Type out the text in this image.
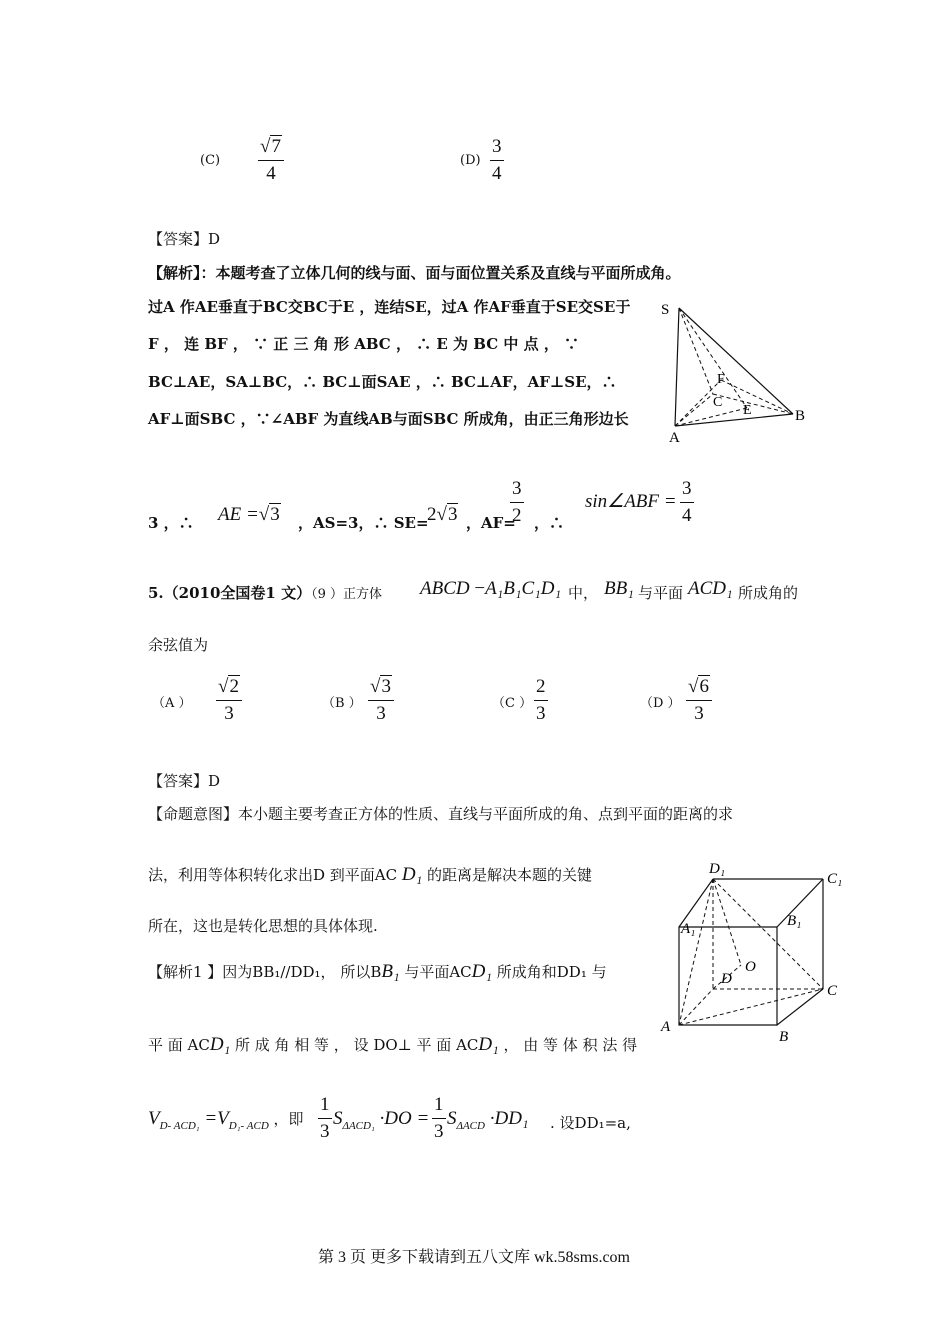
$(C) \frac{√7}{4}$	$(D) \frac{3}{4}$
【答案】D
【解析】：本题考查了立体几何的线与面、面与面位置关系及直线与平面所成角。
过A 作AE垂直于BC交BC于E ，连结SE，过A 作AF垂直于SE交SE于
F ， 连 BF ， ∵ 正 三 角 形 ABC ， ∴ E 为 BC 中 点 ， ∵
BC⊥AE，SA⊥BC，∴ BC⊥面SAE ，∴ BC⊥AF，AF⊥SE，∴
AF⊥面SBC ，∵∠ABF 为直线AB与面SBC 所成角，由正三角形边长
S
F
C
E	B
A
3 ，∴ AE =√3 ，AS=3，∴ SE=
2√3 ，AF=
$\frac{3}{2}$ ，∴
sin∠ABF = $\frac{3}{4}$
5.（2010全国卷1 文）（9 ）正方体 ABCD −A₁B₁C₁D₁ 中， BB₁ 与平面 ACD₁ 所成角的
余弦值为
（A ） $\frac{√2}{3}$	（B ） $\frac{√3}{3}$	（C ） $\frac{2}{3}$	（D ） $\frac{√6}{3}$
【答案】D
【命题意图】本小题主要考查正方体的性质、直线与平面所成的角、点到平面的距离的求
法，利用等体积转化求出D 到平面AC D₁ 的距离是解决本题的关键
所在，这也是转化思想的具体体现.
【解析1 】因为BB₁//DD₁， 所以BB₁ 与平面ACD₁ 所成角和DD₁ 与
平 面 ACD₁ 所 成 角 相 等 ， 设 DO⊥ 平 面 ACD₁ ， 由 等 体 积 法 得
$V_{D- ACD_1} =V_{D_1- ACD}$ ，即 $\frac{1}{3} S_{\Delta ACD_1} \cdot DO = \frac{1}{3} S_{\Delta ACD} \cdot DD_1$ . 设DD₁=a,
D₁
C₁
A₁	B₁
D
O
C
A
B
第 3 页 更多下载请到五八文库 wk.58sms.com
